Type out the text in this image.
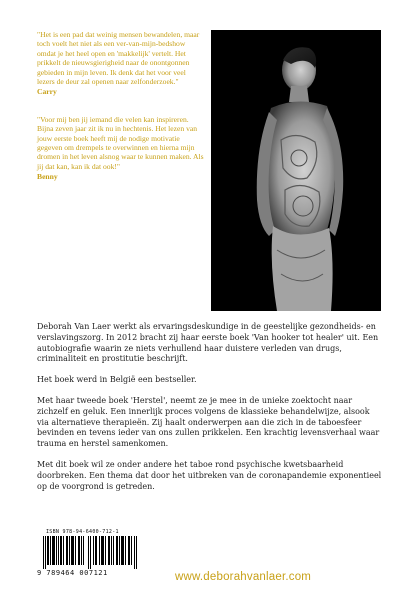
"Het is een pad dat weinig mensen bewandelen, maar toch voelt het niet als een ver-van-mijn-bedshow omdat je het heel open en 'makkelijk' vertelt. Het prikkelt de nieuwsgierigheid naar de onontgonnen gebieden in mijn leven. Ik denk dat het voor veel lezers de deur zal openen naar zelfonderzoek."

Carry

"Voor mij ben jij iemand die velen kan inspireren. Bijna zeven jaar zit ik nu in hechtenis. Het lezen van jouw eerste boek heeft mij de nodige motivatie gegeven om drempels te overwinnen en hierna mijn dromen in het leven alsnog waar te kunnen maken. Als jij dat kan, kan ik dat ook!"

Benny

Deborah Van Laer werkt als ervaringsdeskundige in de geestelijke gezondheids- en verslavingszorg. In 2012 bracht zij haar eerste boek 'Van hooker tot healer' uit. Een autobiografie waarin ze niets verhullend haar duistere verleden van drugs, criminaliteit en prostitutie beschrijft.

Het boek werd in België een bestseller.

Met haar tweede boek 'Herstel', neemt ze je mee in de unieke zoektocht naar zichzelf en geluk. Een innerlijk proces volgens de klassieke behandelwijze, alsook via alternatieve therapieën. Zij haalt onderwerpen aan die zich in de taboesfeer bevinden en tevens ieder van ons zullen prikkelen. Een krachtig levensverhaal waar trauma en herstel samenkomen.

Met dit boek wil ze onder andere het taboe rond psychische kwetsbaarheid doorbreken. Een thema dat door het uitbreken van de coronapandemie exponentieel op de voorgrond is getreden.

ISBN 978-94-6400-712-1
9 789464 007121	www.deborahvanlaer.com
